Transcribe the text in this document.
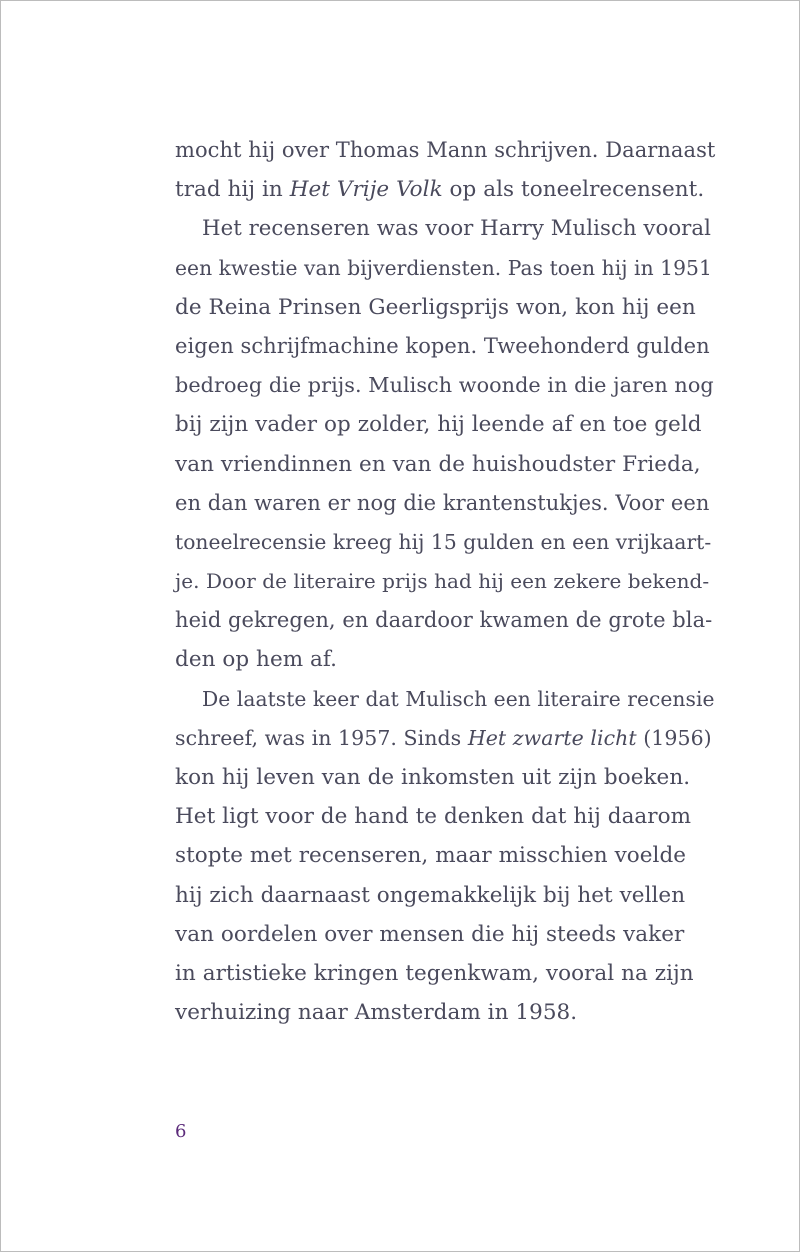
mocht hij over Thomas Mann schrijven. Daarnaast
trad hij in Het Vrije Volk op als toneelrecensent.
Het recenseren was voor Harry Mulisch vooral
een kwestie van bijverdiensten. Pas toen hij in 1951
de Reina Prinsen Geerligsprijs won, kon hij een
eigen schrijfmachine kopen. Tweehonderd gulden
bedroeg die prijs. Mulisch woonde in die jaren nog
bij zijn vader op zolder, hij leende af en toe geld
van vriendinnen en van de huishoudster Frieda,
en dan waren er nog die krantenstukjes. Voor een
toneelrecensie kreeg hij 15 gulden en een vrijkaart-
je. Door de literaire prijs had hij een zekere bekend-
heid gekregen, en daardoor kwamen de grote bla-
den op hem af.
De laatste keer dat Mulisch een literaire recensie
schreef, was in 1957. Sinds Het zwarte licht (1956)
kon hij leven van de inkomsten uit zijn boeken.
Het ligt voor de hand te denken dat hij daarom
stopte met recenseren, maar misschien voelde
hij zich daarnaast ongemakkelijk bij het vellen
van oordelen over mensen die hij steeds vaker
in artistieke kringen tegenkwam, vooral na zijn
verhuizing naar Amsterdam in 1958.
6
